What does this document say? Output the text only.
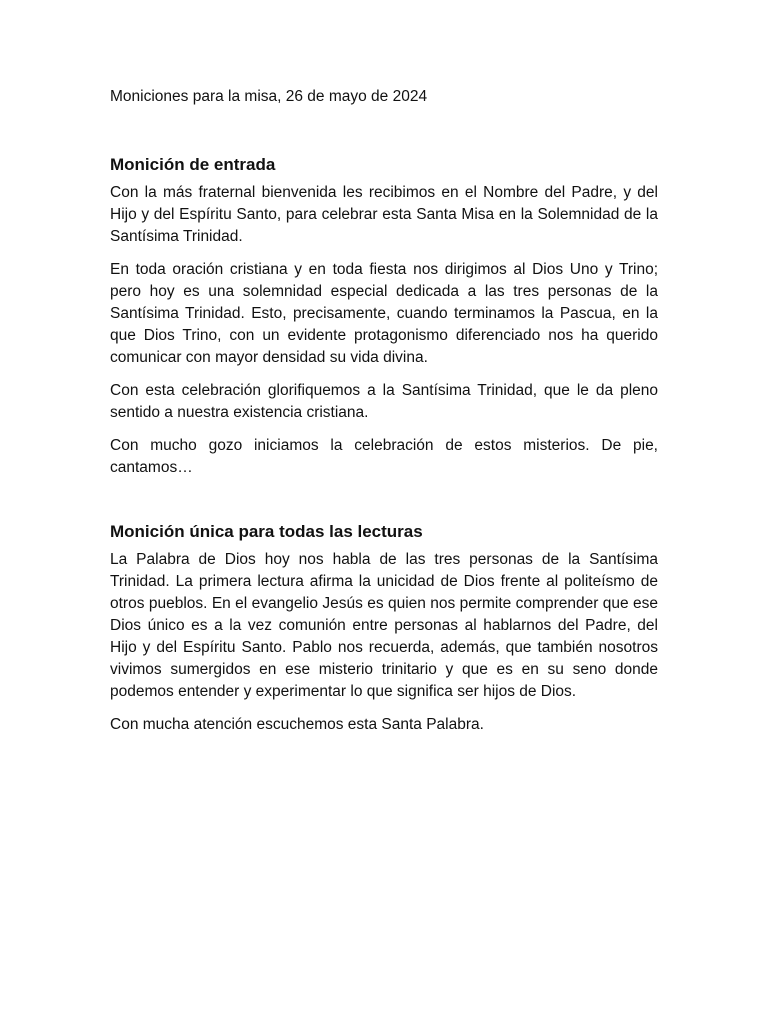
Moniciones para la misa, 26 de mayo de 2024

Monición de entrada

Con la más fraternal bienvenida les recibimos en el Nombre del Padre, y del Hijo y del Espíritu Santo, para celebrar esta Santa Misa en la Solemnidad de la Santísima Trinidad.

En toda oración cristiana y en toda fiesta nos dirigimos al Dios Uno y Trino; pero hoy es una solemnidad especial dedicada a las tres personas de la Santísima Trinidad. Esto, precisamente, cuando terminamos la Pascua, en la que Dios Trino, con un evidente protagonismo diferenciado nos ha querido comunicar con mayor densidad su vida divina.

Con esta celebración glorifiquemos a la Santísima Trinidad, que le da pleno sentido a nuestra existencia cristiana.

Con mucho gozo iniciamos la celebración de estos misterios. De pie, cantamos…

Monición única para todas las lecturas

La Palabra de Dios hoy nos habla de las tres personas de la Santísima Trinidad. La primera lectura afirma la unicidad de Dios frente al politeísmo de otros pueblos. En el evangelio Jesús es quien nos permite comprender que ese Dios único es a la vez comunión entre personas al hablarnos del Padre, del Hijo y del Espíritu Santo. Pablo nos recuerda, además, que también nosotros vivimos sumergidos en ese misterio trinitario y que es en su seno donde podemos entender y experimentar lo que significa ser hijos de Dios.

Con mucha atención escuchemos esta Santa Palabra.
